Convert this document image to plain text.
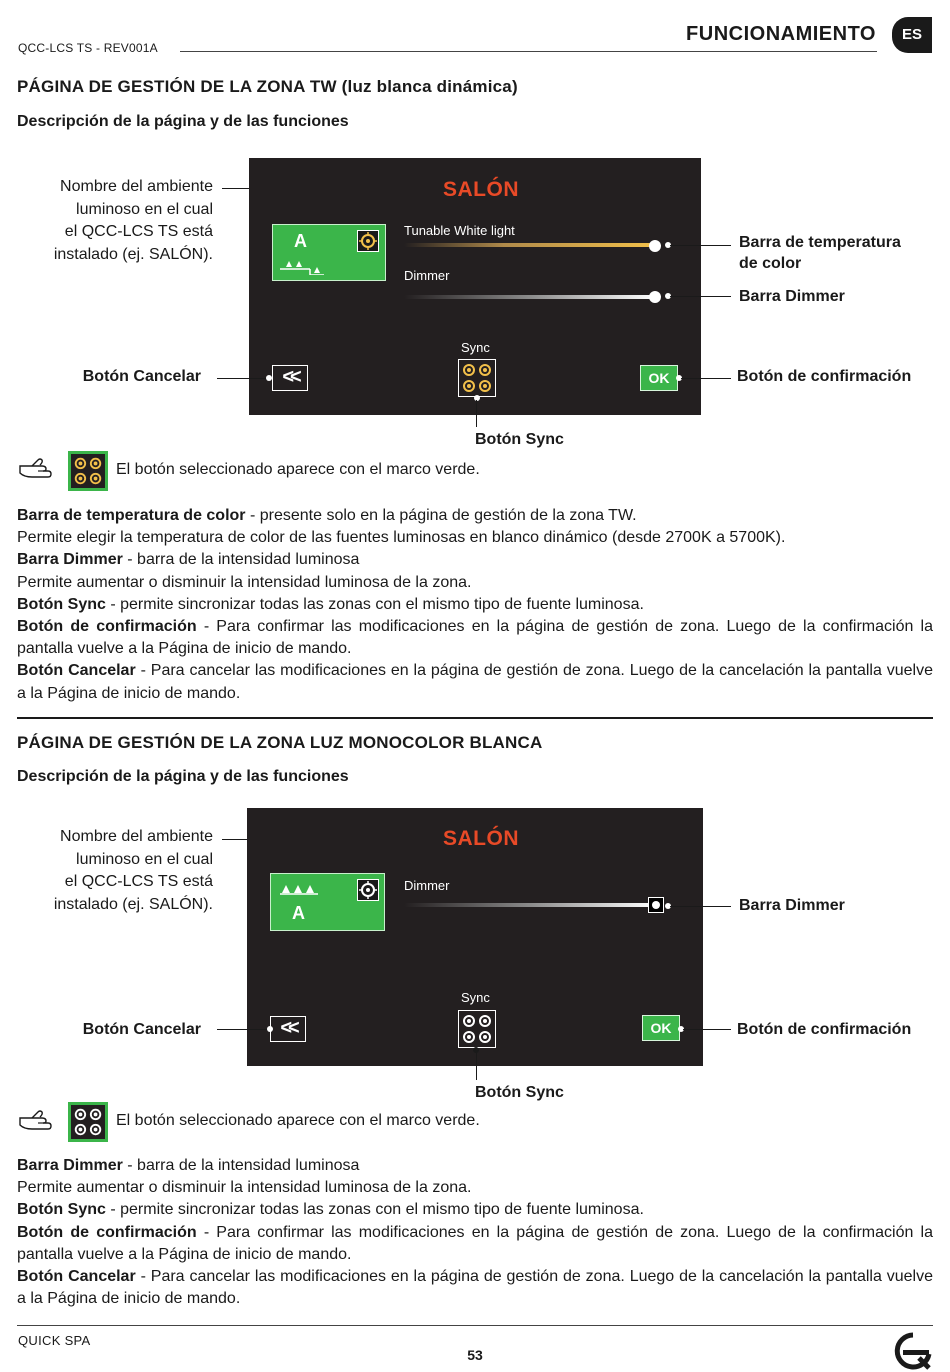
QCC-LCS TS - REV001A
FUNCIONAMIENTO	ES
PÁGINA DE GESTIÓN DE LA ZONA TW (luz blanca dinámica)
Descripción de la página y de las funciones
Nombre del ambiente
luminoso en el cual
el QCC-LCS TS está
instalado (ej. SALÓN).
SALÓN
A
Tunable White light
Dimmer
<<
Sync
OK
Barra de temperatura
de color
Barra Dimmer
Botón de confirmación
Botón Cancelar
Botón Sync
El botón seleccionado aparece con el marco verde.
Barra de temperatura de color - presente solo en la página de gestión de la zona TW.
Permite elegir la temperatura de color de las fuentes luminosas en blanco dinámico (desde 2700K a 5700K).
Barra Dimmer - barra de la intensidad luminosa
Permite aumentar o disminuir la intensidad luminosa de la zona.
Botón Sync - permite sincronizar todas las zonas con el mismo tipo de fuente luminosa.
Botón de confirmación - Para confirmar las modificaciones en la página de gestión de zona. Luego de la confirmación la pantalla vuelve a la Página de inicio de mando.
Botón Cancelar - Para cancelar las modificaciones en la página de gestión de zona. Luego de la cancelación la pantalla vuelve a la Página de inicio de mando.
PÁGINA DE GESTIÓN DE LA ZONA LUZ MONOCOLOR BLANCA
Descripción de la página y de las funciones
Nombre del ambiente
luminoso en el cual
el QCC-LCS TS está
instalado (ej. SALÓN).
SALÓN
A
Dimmer
<<
Sync
OK
Barra Dimmer
Botón de confirmación
Botón Cancelar
Botón Sync
El botón seleccionado aparece con el marco verde.
Barra Dimmer - barra de la intensidad luminosa
Permite aumentar o disminuir la intensidad luminosa de la zona.
Botón Sync - permite sincronizar todas las zonas con el mismo tipo de fuente luminosa.
Botón de confirmación - Para confirmar las modificaciones en la página de gestión de zona. Luego de la confirmación la pantalla vuelve a la Página de inicio de mando.
Botón Cancelar - Para cancelar las modificaciones en la página de gestión de zona. Luego de la cancelación la pantalla vuelve a la Página de inicio de mando.
QUICK SPA
53
